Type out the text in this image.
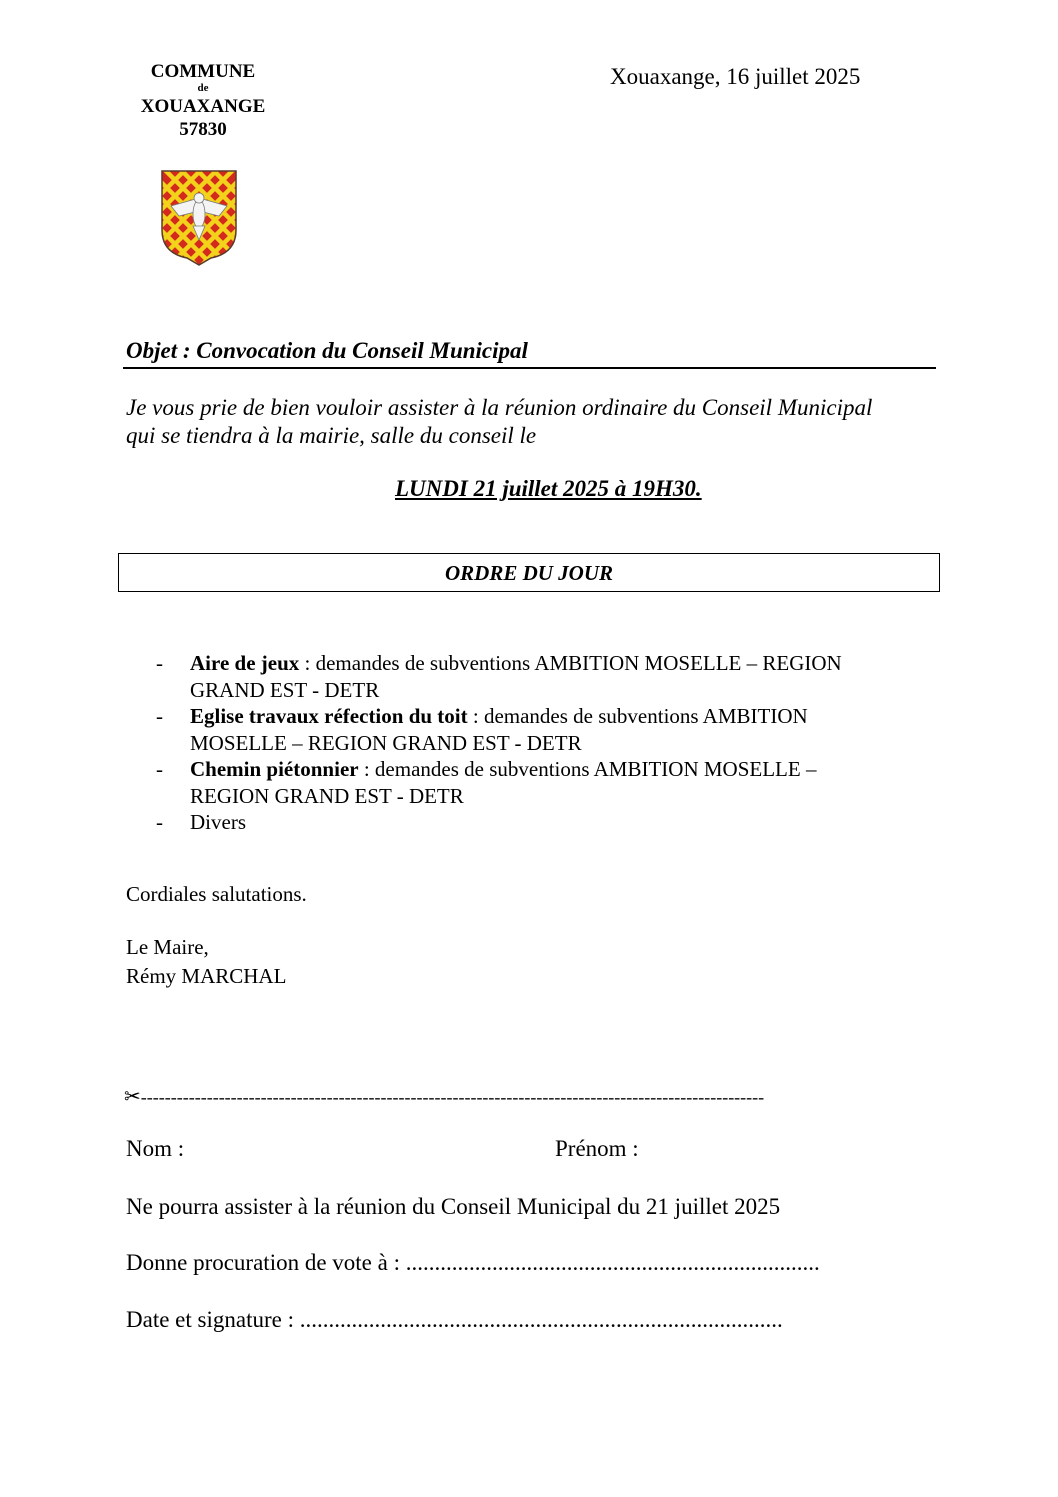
COMMUNE
de
XOUAXANGE
57830
Xouaxange, 16 juillet 2025
Objet : Convocation du Conseil Municipal
Je vous prie de bien vouloir assister à la réunion ordinaire du Conseil Municipal
qui se tiendra à la mairie, salle du conseil le
LUNDI 21 juillet 2025 à 19H30.
ORDRE DU JOUR
- Aire de jeux : demandes de subventions AMBITION MOSELLE – REGION
GRAND EST - DETR
- Eglise travaux réfection du toit : demandes de subventions AMBITION
MOSELLE – REGION GRAND EST - DETR
- Chemin piétonnier : demandes de subventions AMBITION MOSELLE –
REGION GRAND EST - DETR
- Divers
Cordiales salutations.
Le Maire,
Rémy MARCHAL
✂--------------------------------------------------------------------------------------------------------
Nom :	Prénom :
Ne pourra assister à la réunion du Conseil Municipal du 21 juillet 2025
Donne procuration de vote à : ........................................................................
Date et signature : ....................................................................................
